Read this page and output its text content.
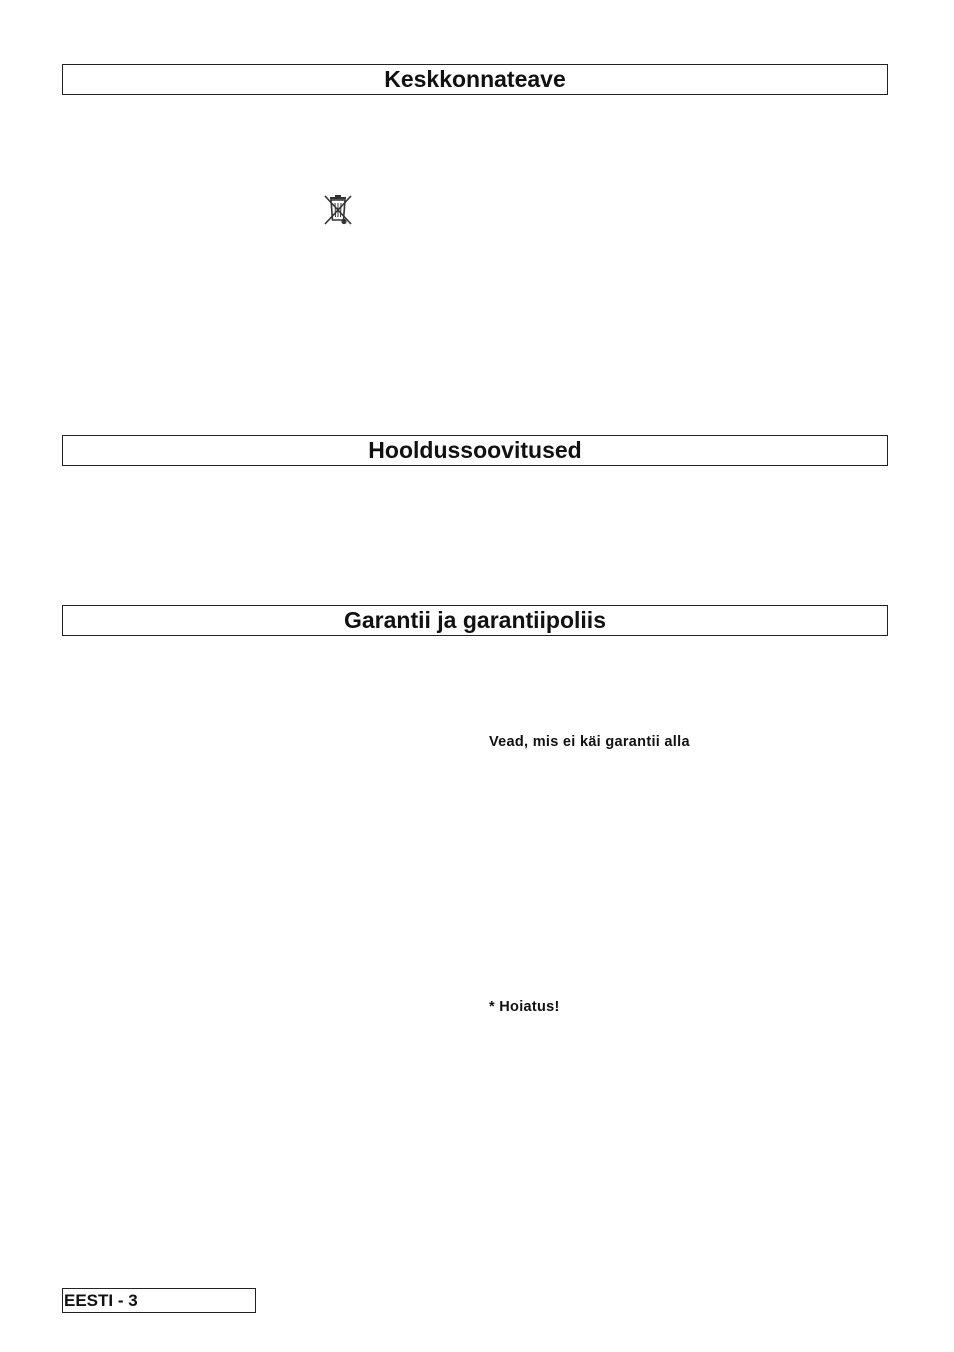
Keskkonnateave
Hooldussoovitused
Garantii ja garantiipoliis
Vead, mis ei käi garantii alla
* Hoiatus!
EESTI - 3
